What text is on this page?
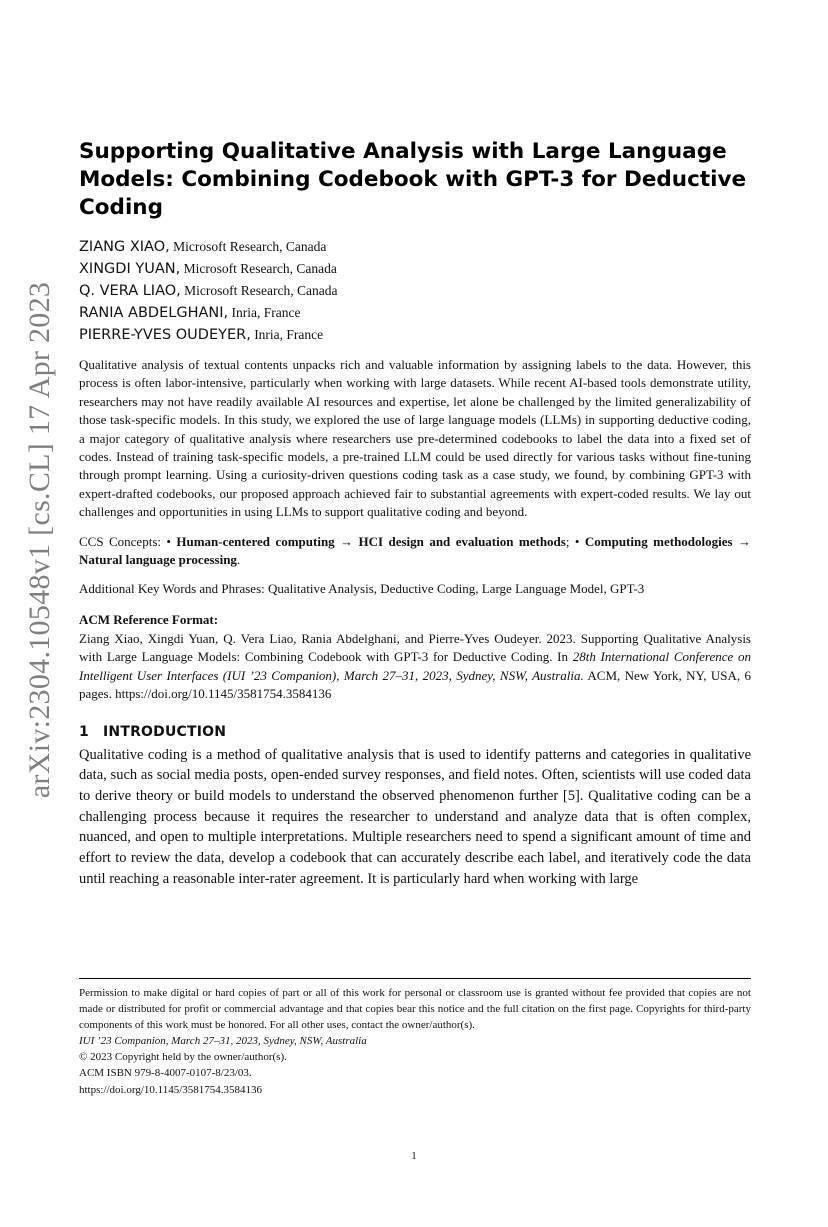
arXiv:2304.10548v1 [cs.CL] 17 Apr 2023
Supporting Qualitative Analysis with Large Language Models: Combining Codebook with GPT-3 for Deductive Coding
ZIANG XIAO, Microsoft Research, Canada
XINGDI YUAN, Microsoft Research, Canada
Q. VERA LIAO, Microsoft Research, Canada
RANIA ABDELGHANI, Inria, France
PIERRE-YVES OUDEYER, Inria, France

Qualitative analysis of textual contents unpacks rich and valuable information by assigning labels to the data. However, this process is often labor-intensive, particularly when working with large datasets. While recent AI-based tools demonstrate utility, researchers may not have readily available AI resources and expertise, let alone be challenged by the limited generalizability of those task-specific models. In this study, we explored the use of large language models (LLMs) in supporting deductive coding, a major category of qualitative analysis where researchers use pre-determined codebooks to label the data into a fixed set of codes. Instead of training task-specific models, a pre-trained LLM could be used directly for various tasks without fine-tuning through prompt learning. Using a curiosity-driven questions coding task as a case study, we found, by combining GPT-3 with expert-drafted codebooks, our proposed approach achieved fair to substantial agreements with expert-coded results. We lay out challenges and opportunities in using LLMs to support qualitative coding and beyond.

CCS Concepts: • Human-centered computing → HCI design and evaluation methods; • Computing methodologies → Natural language processing.

Additional Key Words and Phrases: Qualitative Analysis, Deductive Coding, Large Language Model, GPT-3

ACM Reference Format:

Ziang Xiao, Xingdi Yuan, Q. Vera Liao, Rania Abdelghani, and Pierre-Yves Oudeyer. 2023. Supporting Qualitative Analysis with Large Language Models: Combining Codebook with GPT-3 for Deductive Coding. In 28th International Conference on Intelligent User Interfaces (IUI ’23 Companion), March 27–31, 2023, Sydney, NSW, Australia. ACM, New York, NY, USA, 6 pages. https://doi.org/10.1145/3581754.3584136

1 INTRODUCTION

Qualitative coding is a method of qualitative analysis that is used to identify patterns and categories in qualitative data, such as social media posts, open-ended survey responses, and field notes. Often, scientists will use coded data to derive theory or build models to understand the observed phenomenon further [5]. Qualitative coding can be a challenging process because it requires the researcher to understand and analyze data that is often complex, nuanced, and open to multiple interpretations. Multiple researchers need to spend a significant amount of time and effort to review the data, develop a codebook that can accurately describe each label, and iteratively code the data until reaching a reasonable inter-rater agreement. It is particularly hard when working with large

Permission to make digital or hard copies of part or all of this work for personal or classroom use is granted without fee provided that copies are not made or distributed for profit or commercial advantage and that copies bear this notice and the full citation on the first page. Copyrights for third-party components of this work must be honored. For all other uses, contact the owner/author(s).

IUI ’23 Companion, March 27–31, 2023, Sydney, NSW, Australia

© 2023 Copyright held by the owner/author(s).

ACM ISBN 979-8-4007-0107-8/23/03.

https://doi.org/10.1145/3581754.3584136

1
